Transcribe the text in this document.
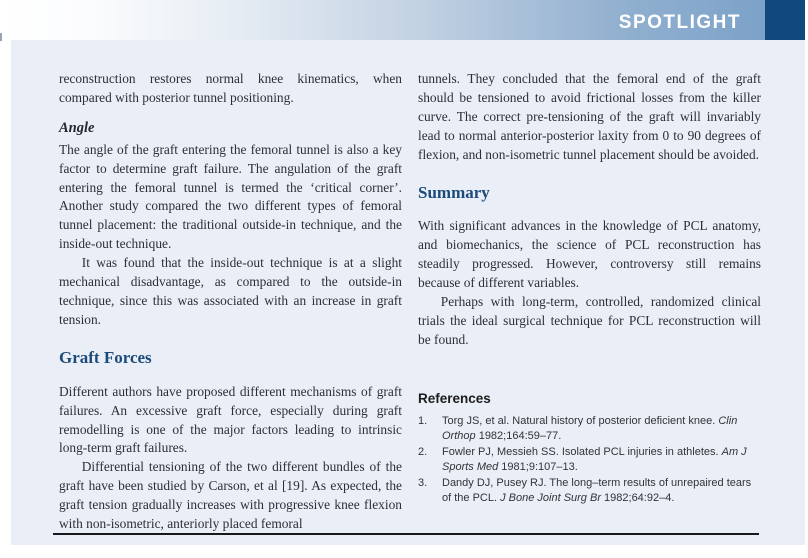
SPOTLIGHT

reconstruction restores normal knee kinematics, when compared with posterior tunnel positioning.

Angle

The angle of the graft entering the femoral tunnel is also a key factor to determine graft failure. The angulation of the graft entering the femoral tunnel is termed the ‘critical corner’. Another study compared the two different types of femoral tunnel placement: the traditional outside-in technique, and the inside-out technique.

It was found that the inside-out technique is at a slight mechanical disadvantage, as compared to the outside-in technique, since this was associated with an increase in graft tension.

Graft Forces

Different authors have proposed different mechanisms of graft failures. An excessive graft force, especially during graft remodelling is one of the major factors leading to intrinsic long-term graft failures.

Differential tensioning of the two different bundles of the graft have been studied by Carson, et al [19]. As expected, the graft tension gradually increases with progressive knee flexion with non-isometric, anteriorly placed femoral

tunnels. They concluded that the femoral end of the graft should be tensioned to avoid frictional losses from the killer curve. The correct pre-tensioning of the graft will invariably lead to normal anterior-posterior laxity from 0 to 90 degrees of flexion, and non-isometric tunnel placement should be avoided.

Summary

With significant advances in the knowledge of PCL anatomy, and biomechanics, the science of PCL reconstruction has steadily progressed. However, controversy still remains because of different variables.

Perhaps with long-term, controlled, randomized clinical trials the ideal surgical technique for PCL reconstruction will be found.

References
1.	Torg JS, et al. Natural history of posterior deficient knee. Clin Orthop 1982;164:59–77.
2.	Fowler PJ, Messieh SS. Isolated PCL injuries in athletes. Am J Sports Med 1981;9:107–13.
3.	Dandy DJ, Pusey RJ. The long–term results of unrepaired tears of the PCL. J Bone Joint Surg Br 1982;64:92–4.
